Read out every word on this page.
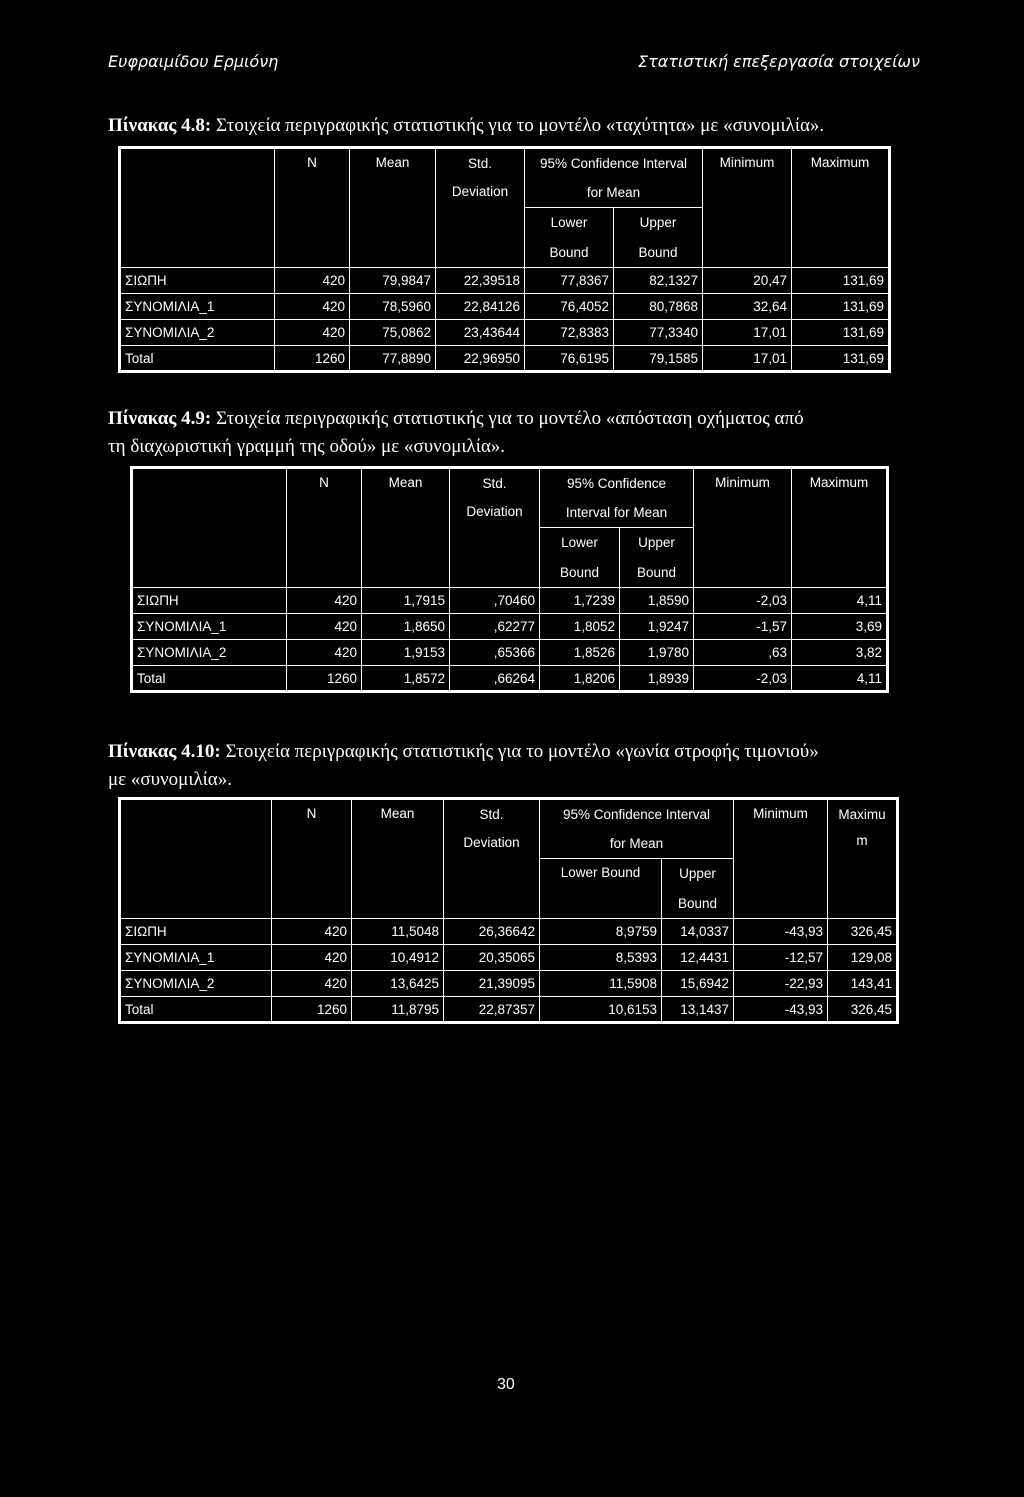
Ευφραιμίδου Ερμιόνη	Στατιστική επεξεργασία στοιχείων
Πίνακας 4.8: Στοιχεία περιγραφικής στατιστικής για το μοντέλο «ταχύτητα» με «συνομιλία».
	N	Mean	Std.	95% Confidence Interval		Minimum	Maximum
			Deviation	for Mean			
				Lower	Upper		
				Bound	Bound		
ΣΙΩΠΗ	420	79,9847	22,39518	77,8367	82,1327	20,47	131,69
ΣΥΝΟΜΙΛΙΑ_1	420	78,5960	22,84126	76,4052	80,7868	32,64	131,69
ΣΥΝΟΜΙΛΙΑ_2	420	75,0862	23,43644	72,8383	77,3340	17,01	131,69
Total	1260	77,8890	22,96950	76,6195	79,1585	17,01	131,69
Πίνακας 4.9: Στοιχεία περιγραφικής στατιστικής για το μοντέλο «απόσταση οχήματος από
τη διαχωριστική γραμμή της οδού» με «συνομιλία».
	N	Mean	Std.	95% Confidence		Minimum	Maximum
			Deviation	Interval for Mean			
				Lower	Upper		
				Bound	Bound		
ΣΙΩΠΗ	420	1,7915	,70460	1,7239	1,8590	-2,03	4,11
ΣΥΝΟΜΙΛΙΑ_1	420	1,8650	,62277	1,8052	1,9247	-1,57	3,69
ΣΥΝΟΜΙΛΙΑ_2	420	1,9153	,65366	1,8526	1,9780	,63	3,82
Total	1260	1,8572	,66264	1,8206	1,8939	-2,03	4,11
Πίνακας 4.10: Στοιχεία περιγραφικής στατιστικής για το μοντέλο «γωνία στροφής τιμονιού»
με «συνομιλία».
	N	Mean	Std.	95% Confidence Interval		Minimum	Maximu
			Deviation	for Mean			m
				Lower Bound	Upper		
					Bound		
ΣΙΩΠΗ	420	11,5048	26,36642	8,9759	14,0337	-43,93	326,45
ΣΥΝΟΜΙΛΙΑ_1	420	10,4912	20,35065	8,5393	12,4431	-12,57	129,08
ΣΥΝΟΜΙΛΙΑ_2	420	13,6425	21,39095	11,5908	15,6942	-22,93	143,41
Total	1260	11,8795	22,87357	10,6153	13,1437	-43,93	326,45
30
